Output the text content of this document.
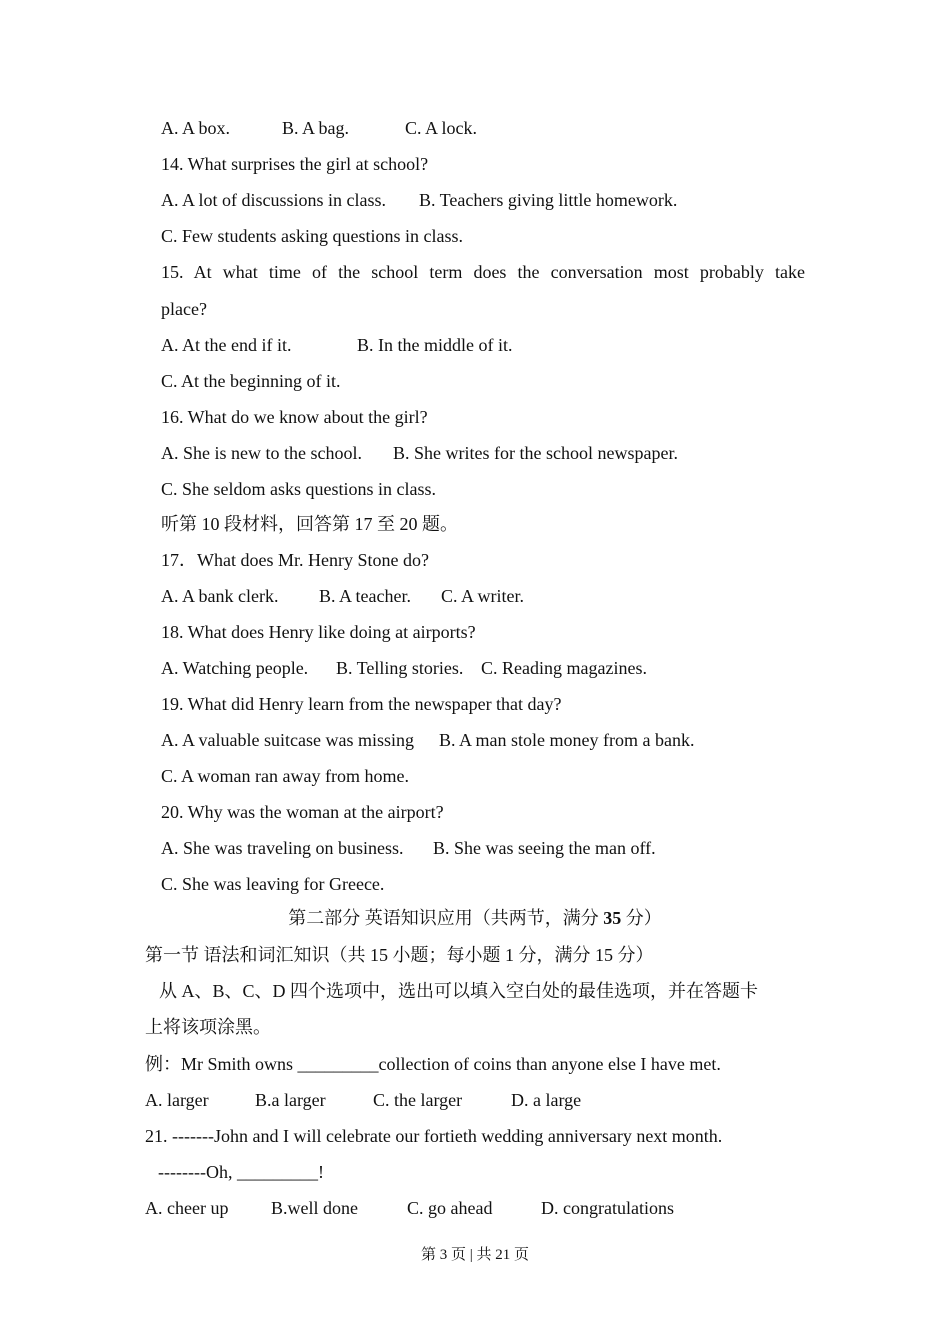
A. A box.	B. A bag.	C. A lock.
14. What surprises the girl at school?
A. A lot of discussions in class. B. Teachers giving little homework.
C. Few students asking questions in class.
15. At what time of the school term does the conversation most probably take
place?
A. At the end if it.	B. In the middle of it.
C. At the beginning of it.
16. What do we know about the girl?
A. She is new to the school. B. She writes for the school newspaper.
C. She seldom asks questions in class.
听第 10 段材料，回答第 17 至 20 题。
17．What does Mr. Henry Stone do?
A. A bank clerk. B. A teacher. C. A writer.
18. What does Henry like doing at airports?
A. Watching people. B. Telling stories. C. Reading magazines.
19. What did Henry learn from the newspaper that day?
A. A valuable suitcase was missing B. A man stole money from a bank.
C. A woman ran away from home.
20. Why was the woman at the airport?
A. She was traveling on business. B. She was seeing the man off.
C. She was leaving for Greece.
第二部分 英语知识应用（共两节，满分 35 分）
第一节 语法和词汇知识（共 15 小题；每小题 1 分，满分 15 分）
从 A、B、C、D 四个选项中，选出可以填入空白处的最佳选项，并在答题卡
上将该项涂黑。
例：Mr Smith owns _________collection of coins than anyone else I have met.
A. larger	B.a larger	C. the larger	D. a large
21. -------John and I will celebrate our fortieth wedding anniversary next month.
--------Oh, _________!
A. cheer up B.well done	C. go ahead	D. congratulations
第 3 页 | 共 21 页
